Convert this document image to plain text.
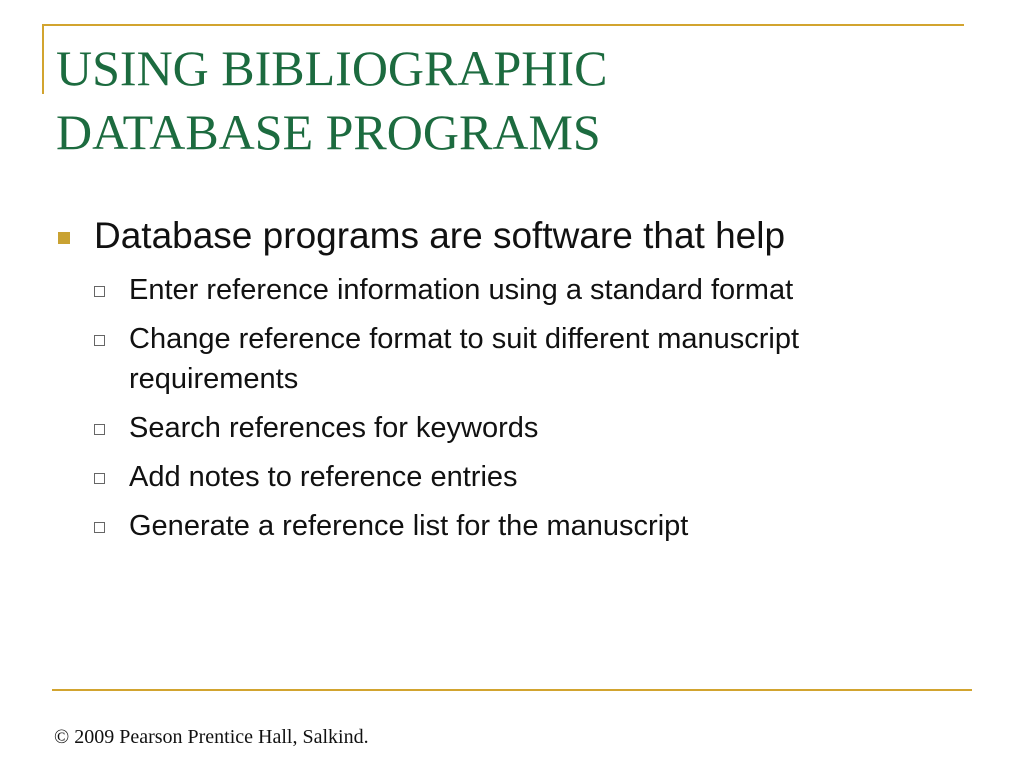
USING BIBLIOGRAPHIC
DATABASE PROGRAMS
Database programs are software that help
Enter reference information using a standard format
Change reference format to suit different manuscript requirements
Search references for keywords
Add notes to reference entries
Generate a reference list for the manuscript

© 2009 Pearson Prentice Hall, Salkind.
